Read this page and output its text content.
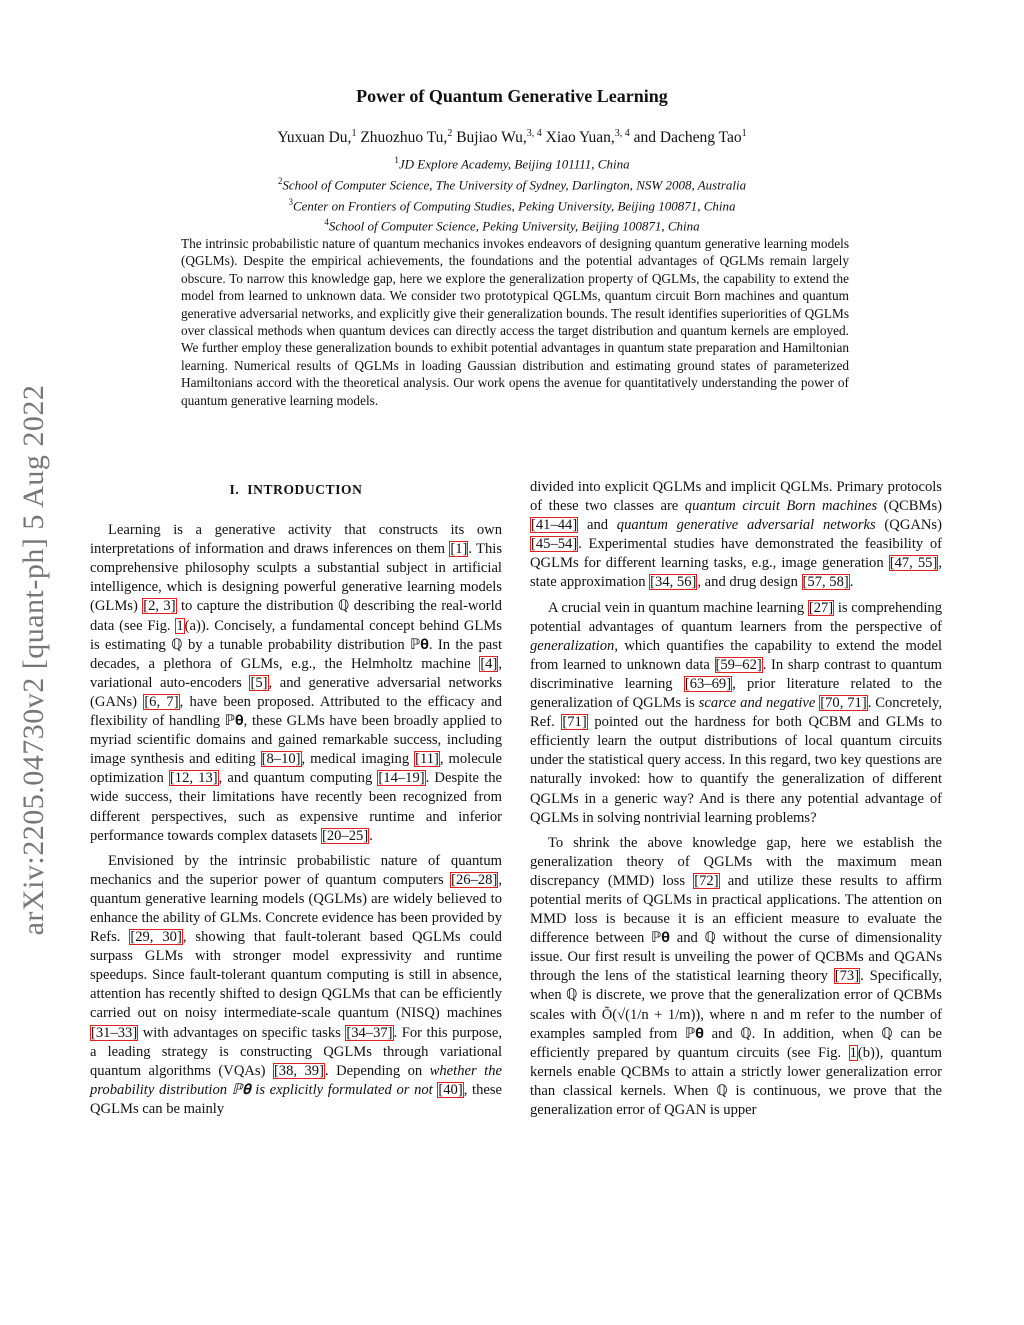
arXiv:2205.04730v2 [quant-ph] 5 Aug 2022
Power of Quantum Generative Learning
Yuxuan Du,$^1$ Zhuozhuo Tu,$^2$ Bujiao Wu,$^{3, 4}$ Xiao Yuan,$^{3, 4}$ and Dacheng Tao$^1$
$^1$JD Explore Academy, Beijing 101111, China
$^2$School of Computer Science, The University of Sydney, Darlington, NSW 2008, Australia
$^3$Center on Frontiers of Computing Studies, Peking University, Beijing 100871, China
$^4$School of Computer Science, Peking University, Beijing 100871, China
The intrinsic probabilistic nature of quantum mechanics invokes endeavors of designing quantum generative learning models (QGLMs). Despite the empirical achievements, the foundations and the potential advantages of QGLMs remain largely obscure. To narrow this knowledge gap, here we explore the generalization property of QGLMs, the capability to extend the model from learned to unknown data. We consider two prototypical QGLMs, quantum circuit Born machines and quantum generative adversarial networks, and explicitly give their generalization bounds. The result identifies superiorities of QGLMs over classical methods when quantum devices can directly access the target distribution and quantum kernels are employed. We further employ these generalization bounds to exhibit potential advantages in quantum state preparation and Hamiltonian learning. Numerical results of QGLMs in loading Gaussian distribution and estimating ground states of parameterized Hamiltonians accord with the theoretical analysis. Our work opens the avenue for quantitatively understanding the power of quantum generative learning models.
I. INTRODUCTION

Learning is a generative activity that constructs its own interpretations of information and draws inferences on them [1]. This comprehensive philosophy sculpts a substantial subject in artificial intelligence, which is designing powerful generative learning models (GLMs) [2, 3] to capture the distribution ℚ describing the real-world data (see Fig. 1(a)). Concisely, a fundamental concept behind GLMs is estimating ℚ by a tunable probability distribution ℙ𝛉. In the past decades, a plethora of GLMs, e.g., the Helmholtz machine [4], variational auto-encoders [5], and generative adversarial networks (GANs) [6, 7], have been proposed. Attributed to the efficacy and flexibility of handling ℙ𝛉, these GLMs have been broadly applied to myriad scientific domains and gained remarkable success, including image synthesis and editing [8–10], medical imaging [11], molecule optimization [12, 13], and quantum computing [14–19]. Despite the wide success, their limitations have recently been recognized from different perspectives, such as expensive runtime and inferior performance towards complex datasets [20–25].

Envisioned by the intrinsic probabilistic nature of quantum mechanics and the superior power of quantum computers [26–28], quantum generative learning models (QGLMs) are widely believed to enhance the ability of GLMs. Concrete evidence has been provided by Refs. [29, 30], showing that fault-tolerant based QGLMs could surpass GLMs with stronger model expressivity and runtime speedups. Since fault-tolerant quantum computing is still in absence, attention has recently shifted to design QGLMs that can be efficiently carried out on noisy intermediate-scale quantum (NISQ) machines [31–33] with advantages on specific tasks [34–37]. For this purpose, a leading strategy is constructing QGLMs through variational quantum algorithms (VQAs) [38, 39]. Depending on whether the probability distribution ℙ𝛉 is explicitly formulated or not [40], these QGLMs can be mainly

divided into explicit QGLMs and implicit QGLMs. Primary protocols of these two classes are quantum circuit Born machines (QCBMs) [41–44] and quantum generative adversarial networks (QGANs) [45–54]. Experimental studies have demonstrated the feasibility of QGLMs for different learning tasks, e.g., image generation [47, 55], state approximation [34, 56], and drug design [57, 58].

A crucial vein in quantum machine learning [27] is comprehending potential advantages of quantum learners from the perspective of generalization, which quantifies the capability to extend the model from learned to unknown data [59–62]. In sharp contrast to quantum discriminative learning [63–69], prior literature related to the generalization of QGLMs is scarce and negative [70, 71]. Concretely, Ref. [71] pointed out the hardness for both QCBM and GLMs to efficiently learn the output distributions of local quantum circuits under the statistical query access. In this regard, two key questions are naturally invoked: how to quantify the generalization of different QGLMs in a generic way? And is there any potential advantage of QGLMs in solving nontrivial learning problems?

To shrink the above knowledge gap, here we establish the generalization theory of QGLMs with the maximum mean discrepancy (MMD) loss [72] and utilize these results to affirm potential merits of QGLMs in practical applications. The attention on MMD loss is because it is an efficient measure to evaluate the difference between ℙ𝛉 and ℚ without the curse of dimensionality issue. Our first result is unveiling the power of QCBMs and QGANs through the lens of the statistical learning theory [73]. Specifically, when ℚ is discrete, we prove that the generalization error of QCBMs scales with Õ(√(1/n + 1/m)), where n and m refer to the number of examples sampled from ℙ𝛉 and ℚ. In addition, when ℚ can be efficiently prepared by quantum circuits (see Fig. 1(b)), quantum kernels enable QCBMs to attain a strictly lower generalization error than classical kernels. When ℚ is continuous, we prove that the generalization error of QGAN is upper
